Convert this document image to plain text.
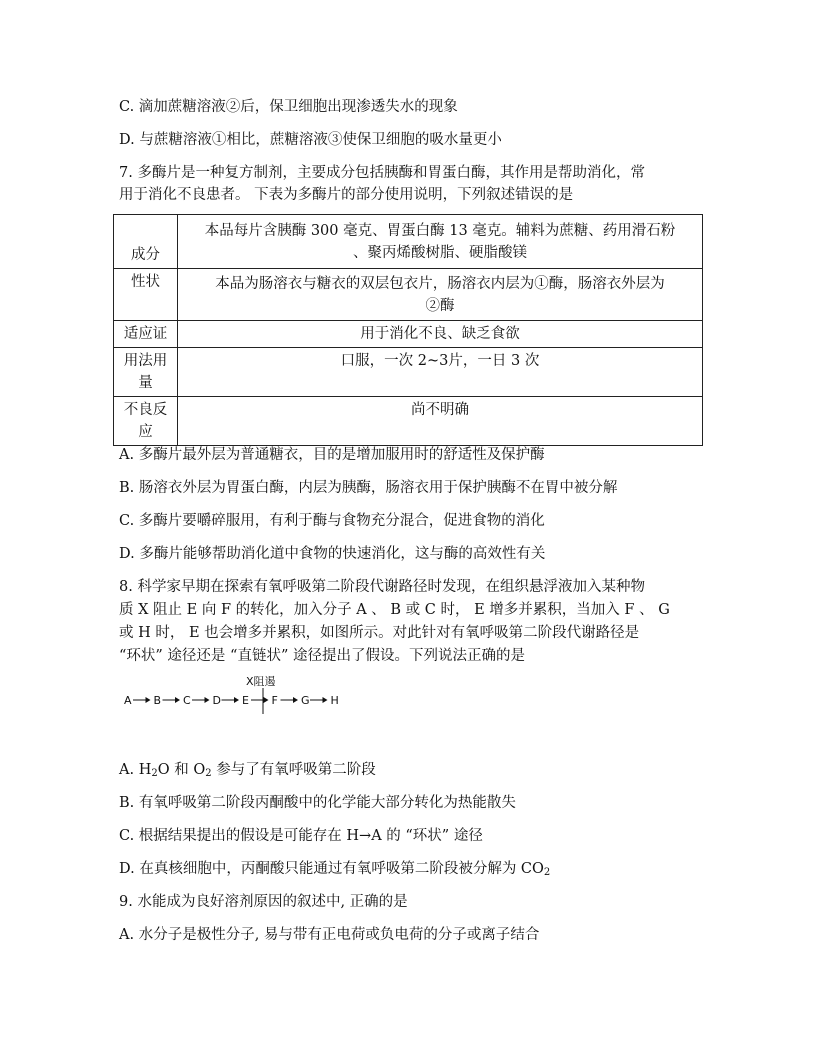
C. 滴加蔗糖溶液②后，保卫细胞出现渗透失水的现象
D. 与蔗糖溶液①相比，蔗糖溶液③使保卫细胞的吸水量更小
7. 多酶片是一种复方制剂，主要成分包括胰酶和胃蛋白酶，其作用是帮助消化，常
用于消化不良患者。 下表为多酶片的部分使用说明，下列叙述错误的是
成分	本品每片含胰酶 300 毫克、胃蛋白酶 13 毫克。辅料为蔗糖、药用滑石粉
、聚丙烯酸树脂、硬脂酸镁

性状	本品为肠溶衣与糖衣的双层包衣片，肠溶衣内层为①酶，肠溶衣外层为
②酶

适应证	用于消化不良、缺乏食欲

用法用
量	口服，一次 2~3片，一日 3 次

不良反
应	尚不明确
A. 多酶片最外层为普通糖衣，目的是增加服用时的舒适性及保护酶
B. 肠溶衣外层为胃蛋白酶，内层为胰酶，肠溶衣用于保护胰酶不在胃中被分解
C. 多酶片要嚼碎服用，有利于酶与食物充分混合，促进食物的消化
D. 多酶片能够帮助消化道中食物的快速消化，这与酶的高效性有关
8. 科学家早期在探索有氧呼吸第二阶段代谢路径时发现，在组织悬浮液加入某种物
质 X 阻止 E 向 F 的转化，加入分子 A 、 B 或 C 时， E 增多并累积，当加入 F 、 G
或 H 时， E 也会增多并累积，如图所示。对此针对有氧呼吸第二阶段代谢路径是
“环状” 途径还是 “直链状” 途径提出了假设。下列说法正确的是
X阻遏
A B C D E F G H
A. $H_2O$ 和 $O_2$ 参与了有氧呼吸第二阶段
B. 有氧呼吸第二阶段丙酮酸中的化学能大部分转化为热能散失
C. 根据结果提出的假设是可能存在 H→A 的 “环状” 途径
D. 在真核细胞中，丙酮酸只能通过有氧呼吸第二阶段被分解为 $CO_2$
9. 水能成为良好溶剂原因的叙述中, 正确的是
A. 水分子是极性分子, 易与带有正电荷或负电荷的分子或离子结合
